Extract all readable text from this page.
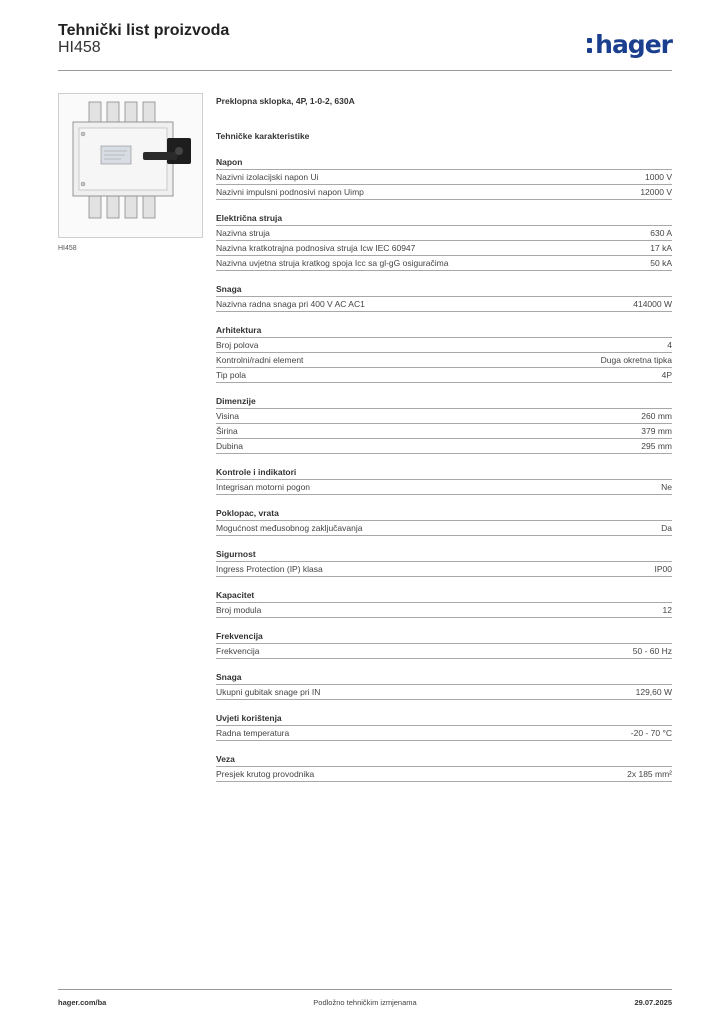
Tehnički list proizvoda
HI458	hager
HI458
Preklopna sklopka, 4P, 1-0-2, 630A
Tehničke karakteristike
Napon
Nazivni izolacijski napon Ui	1000 V
Nazivni impulsni podnosivi napon Uimp	12000 V
Električna struja
Nazivna struja	630 A
Nazivna kratkotrajna podnosiva struja Icw IEC 60947	17 kA
Nazivna uvjetna struja kratkog spoja Icc sa gl-gG osiguračima	50 kA
Snaga
Nazivna radna snaga pri 400 V AC AC1	414000 W
Arhitektura
Broj polova	4
Kontrolni/radni element	Duga okretna tipka
Tip pola	4P
Dimenzije
Visina	260 mm
Širina	379 mm
Dubina	295 mm
Kontrole i indikatori
Integrisan motorni pogon	Ne
Poklopac, vrata
Mogućnost međusobnog zaključavanja	Da
Sigurnost
Ingress Protection (IP) klasa	IP00
Kapacitet
Broj modula	12
Frekvencija
Frekvencija	50 - 60 Hz
Snaga
Ukupni gubitak snage pri IN	129,60 W
Uvjeti korištenja
Radna temperatura	-20 - 70 °C
Veza
Presjek krutog provodnika	2x 185 mm²
hager.com/ba	Podložno tehničkim izmjenama	29.07.2025
